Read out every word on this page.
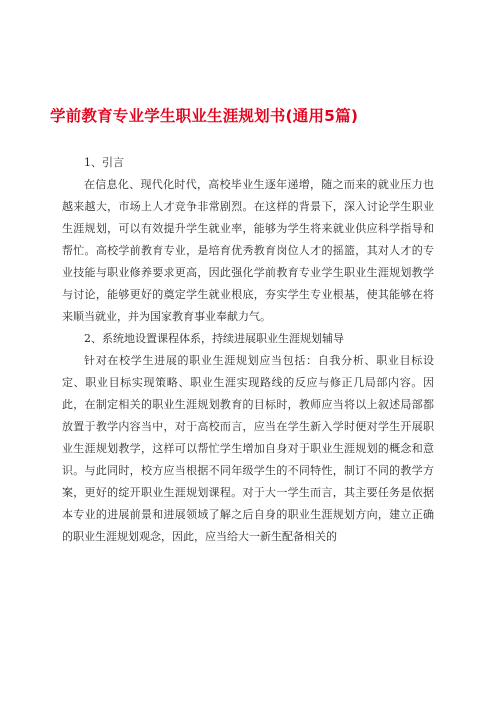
学前教育专业学生职业生涯规划书(通用5篇)

1、引言

在信息化、现代化时代，高校毕业生逐年递增，随之而来的就业压力也越来越大，市场上人才竞争非常剧烈。在这样的背景下，深入讨论学生职业生涯规划，可以有效提升学生就业率，能够为学生将来就业供应科学指导和帮忙。高校学前教育专业，是培育优秀教育岗位人才的摇篮，其对人才的专业技能与职业修养要求更高，因此强化学前教育专业学生职业生涯规划教学与讨论，能够更好的奠定学生就业根底，夯实学生专业根基，使其能够在将来顺当就业，并为国家教育事业奉献力气。

2、系统地设置课程体系，持续进展职业生涯规划辅导

针对在校学生进展的职业生涯规划应当包括：自我分析、职业目标设定、职业目标实现策略、职业生涯实现路线的反应与修正几局部内容。因此，在制定相关的职业生涯规划教育的目标时，教师应当将以上叙述局部都放置于教学内容当中，对于高校而言，应当在学生新入学时便对学生开展职业生涯规划教学，这样可以帮忙学生增加自身对于职业生涯规划的概念和意识。与此同时，校方应当根据不同年级学生的不同特性，制订不同的教学方案，更好的绽开职业生涯规划课程。对于大一学生而言，其主要任务是依据本专业的进展前景和进展领域了解之后自身的职业生涯规划方向，建立正确的职业生涯规划观念，因此，应当给大一新生配备相关的
